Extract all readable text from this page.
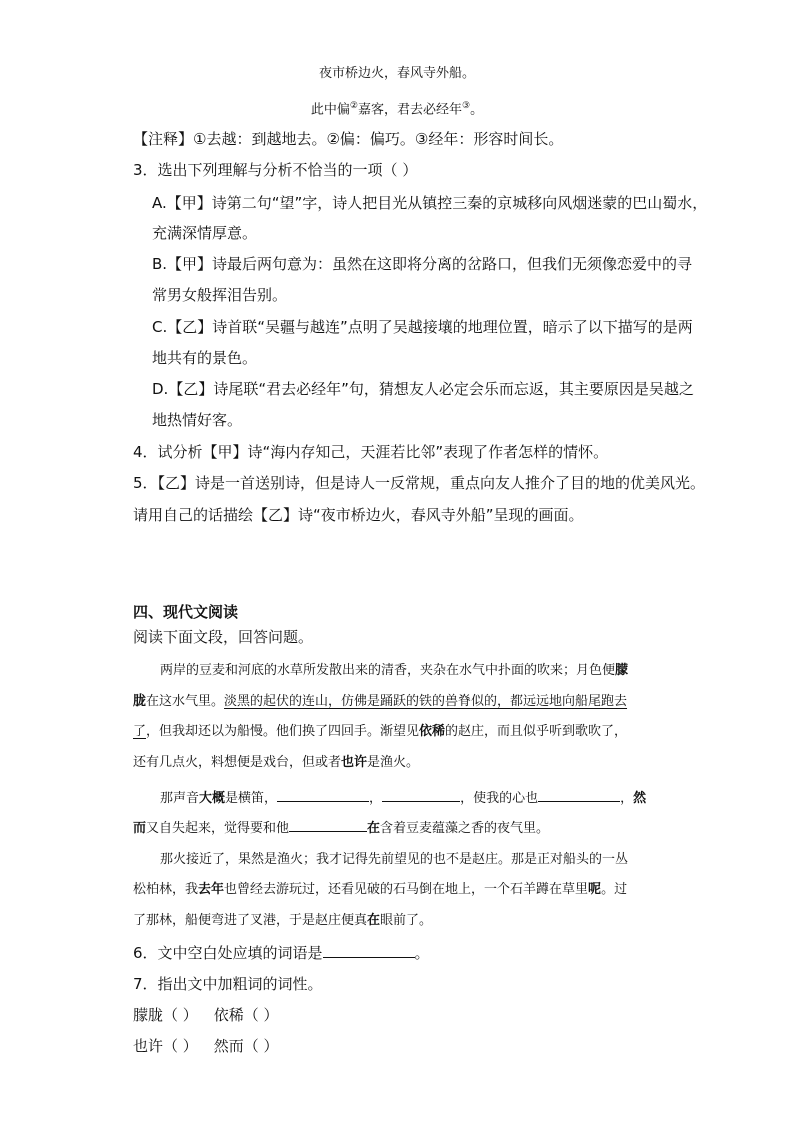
夜市桥边火，春风寺外船。
此中偏②嘉客，君去必经年③。
【注释】①去越：到越地去。②偏：偏巧。③经年：形容时间长。
3．选出下列理解与分析不恰当的一项（ ）
A.【甲】诗第二句“望”字，诗人把目光从镇控三秦的京城移向风烟迷蒙的巴山蜀水，
充满深情厚意。
B.【甲】诗最后两句意为：虽然在这即将分离的岔路口，但我们无须像恋爱中的寻
常男女般挥泪告别。
C.【乙】诗首联“吴疆与越连”点明了吴越接壤的地理位置，暗示了以下描写的是两
地共有的景色。
D.【乙】诗尾联“君去必经年”句，猜想友人必定会乐而忘返，其主要原因是吴越之
地热情好客。
4．试分析【甲】诗“海内存知己，天涯若比邻”表现了作者怎样的情怀。
5．【乙】诗是一首送别诗，但是诗人一反常规，重点向友人推介了目的地的优美风光。
请用自己的话描绘【乙】诗“夜市桥边火，春风寺外船”呈现的画面。
四、现代文阅读
阅读下面文段，回答问题。
两岸的豆麦和河底的水草所发散出来的清香，夹杂在水气中扑面的吹来；月色便朦
胧在这水气里。淡黑的起伏的连山，仿佛是踊跃的铁的兽脊似的，都远远地向船尾跑去
了，但我却还以为船慢。他们换了四回手。渐望见依稀的赵庄，而且似乎听到歌吹了，
还有几点火，料想便是戏台，但或者也许是渔火。
那声音大概是横笛，	，	，使我的心也	，然
而又自失起来，觉得要和他	在含着豆麦蕴藻之香的夜气里。
那火接近了，果然是渔火；我才记得先前望见的也不是赵庄。那是正对船头的一丛
松柏林，我去年也曾经去游玩过，还看见破的石马倒在地上，一个石羊蹲在草里呢。过
了那林，船便弯进了叉港，于是赵庄便真在眼前了。
6．文中空白处应填的词语是	。
7．指出文中加粗词的词性。
朦胧（ ） 依稀（ ）
也许（ ） 然而（ ）
